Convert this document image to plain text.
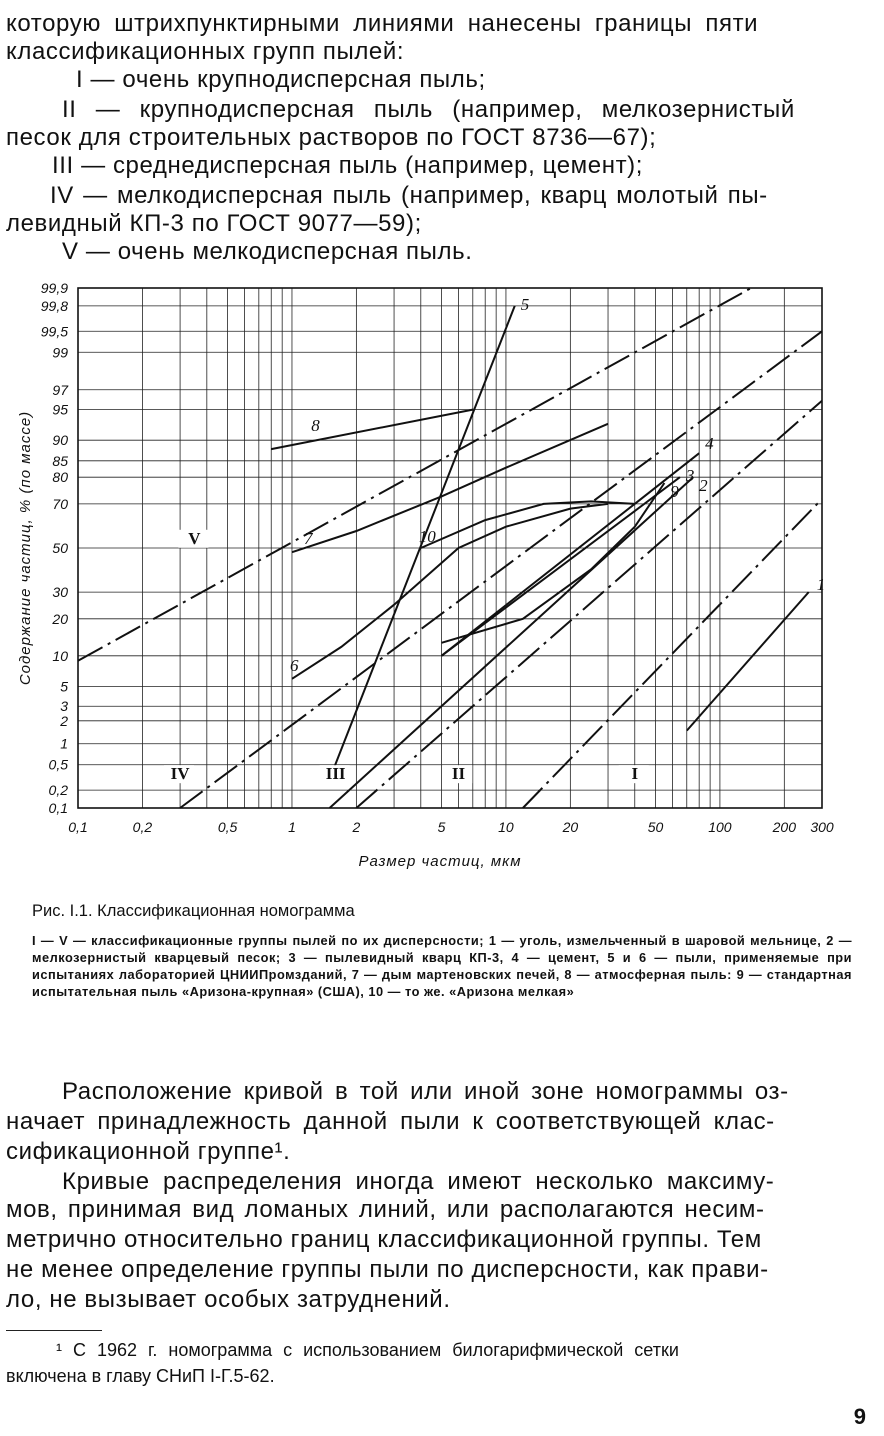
которую штрихпунктирными линиями нанесены границы пяти
классификационных групп пылей:
I — очень крупнодисперсная пыль;
II — крупнодисперсная пыль (например, мелкозернистый
песок для строительных растворов по ГОСТ 8736—67);
III — среднедисперсная пыль (например, цемент);
IV — мелкодисперсная пыль (например, кварц молотый пы-
левидный КП-3 по ГОСТ 9077—59);
V — очень мелкодисперсная пыль.
1
2
3
4
5
6
7
8
9
10
I
II
III
IV
V
0,1
0,2
0,5
1
2
3
5
10
20
30
50
70
80
85
90
95
97
99
99,5
99,8
99,9
0,1	0,2	0,5	1	2	5	10	20	50	100	200 300
Размер частиц, мкм
Содержание частиц, % (по массе)
Рис. I.1. Классификационная номограмма
I — V — классификационные группы пылей по их дисперсности; 1 — уголь, измельченный в шаровой мельнице, 2 — мелкозернистый кварцевый песок; 3 — пылевидный кварц КП-3, 4 — цемент, 5 и 6 — пыли, применяемые при испытаниях лабораторией ЦНИИПромзданий, 7 — дым мартеновских печей, 8 — атмосферная пыль: 9 — стандартная испытательная пыль «Аризона-крупная» (США), 10 — то же. «Аризона мелкая»
Расположение кривой в той или иной зоне номограммы оз-
начает принадлежность данной пыли к соответствующей клас-
сификационной группе¹.
Кривые распределения иногда имеют несколько максиму-
мов, принимая вид ломаных линий, или располагаются несим-
метрично относительно границ классификационной группы. Тем
не менее определение группы пыли по дисперсности, как прави-
ло, не вызывает особых затруднений.
¹ С 1962 г. номограмма с использованием билогарифмической сетки
включена в главу СНиП I-Г.5-62.
9
